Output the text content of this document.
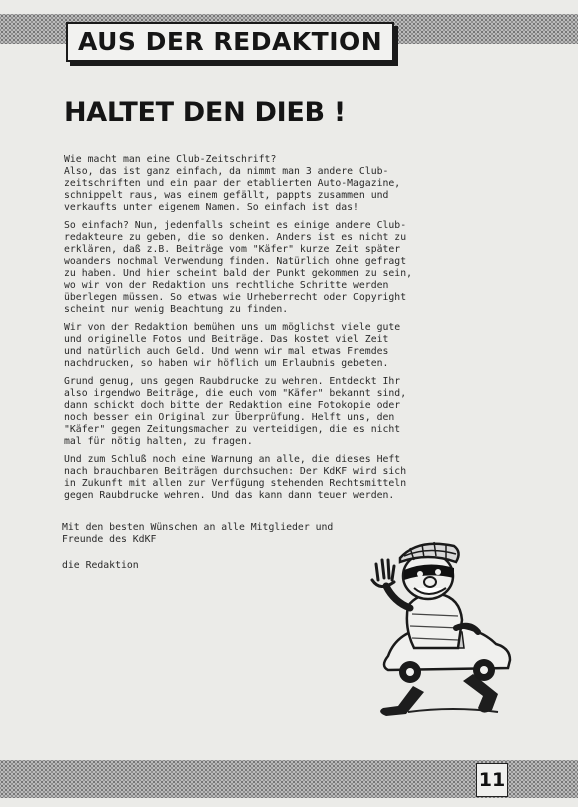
AUS DER REDAKTION
HALTET DEN DIEB !

Wie macht man eine Club-Zeitschrift?
Also, das ist ganz einfach, da nimmt man 3 andere Club-
zeitschriften und ein paar der etablierten Auto-Magazine,
schnippelt raus, was einem gefällt, pappts zusammen und
verkaufts unter eigenem Namen. So einfach ist das!

So einfach? Nun, jedenfalls scheint es einige andere Club-
redakteure zu geben, die so denken. Anders ist es nicht zu
erklären, daß z.B. Beiträge vom "Käfer" kurze Zeit später
woanders nochmal Verwendung finden. Natürlich ohne gefragt
zu haben. Und hier scheint bald der Punkt gekommen zu sein,
wo wir von der Redaktion uns rechtliche Schritte werden
überlegen müssen. So etwas wie Urheberrecht oder Copyright
scheint nur wenig Beachtung zu finden.

Wir von der Redaktion bemühen uns um möglichst viele gute
und originelle Fotos und Beiträge. Das kostet viel Zeit
und natürlich auch Geld. Und wenn wir mal etwas Fremdes
nachdrucken, so haben wir höflich um Erlaubnis gebeten.

Grund genug, uns gegen Raubdrucke zu wehren. Entdeckt Ihr
also irgendwo Beiträge, die euch vom "Käfer" bekannt sind,
dann schickt doch bitte der Redaktion eine Fotokopie oder
noch besser ein Original zur Überprüfung. Helft uns, den
"Käfer" gegen Zeitungsmacher zu verteidigen, die es nicht
mal für nötig halten, zu fragen.

Und zum Schluß noch eine Warnung an alle, die dieses Heft
nach brauchbaren Beiträgen durchsuchen: Der KdKF wird sich
in Zukunft mit allen zur Verfügung stehenden Rechtsmitteln
gegen Raubdrucke wehren. Und das kann dann teuer werden.

Mit den besten Wünschen an alle Mitglieder und
Freunde des KdKF

die Redaktion
11
